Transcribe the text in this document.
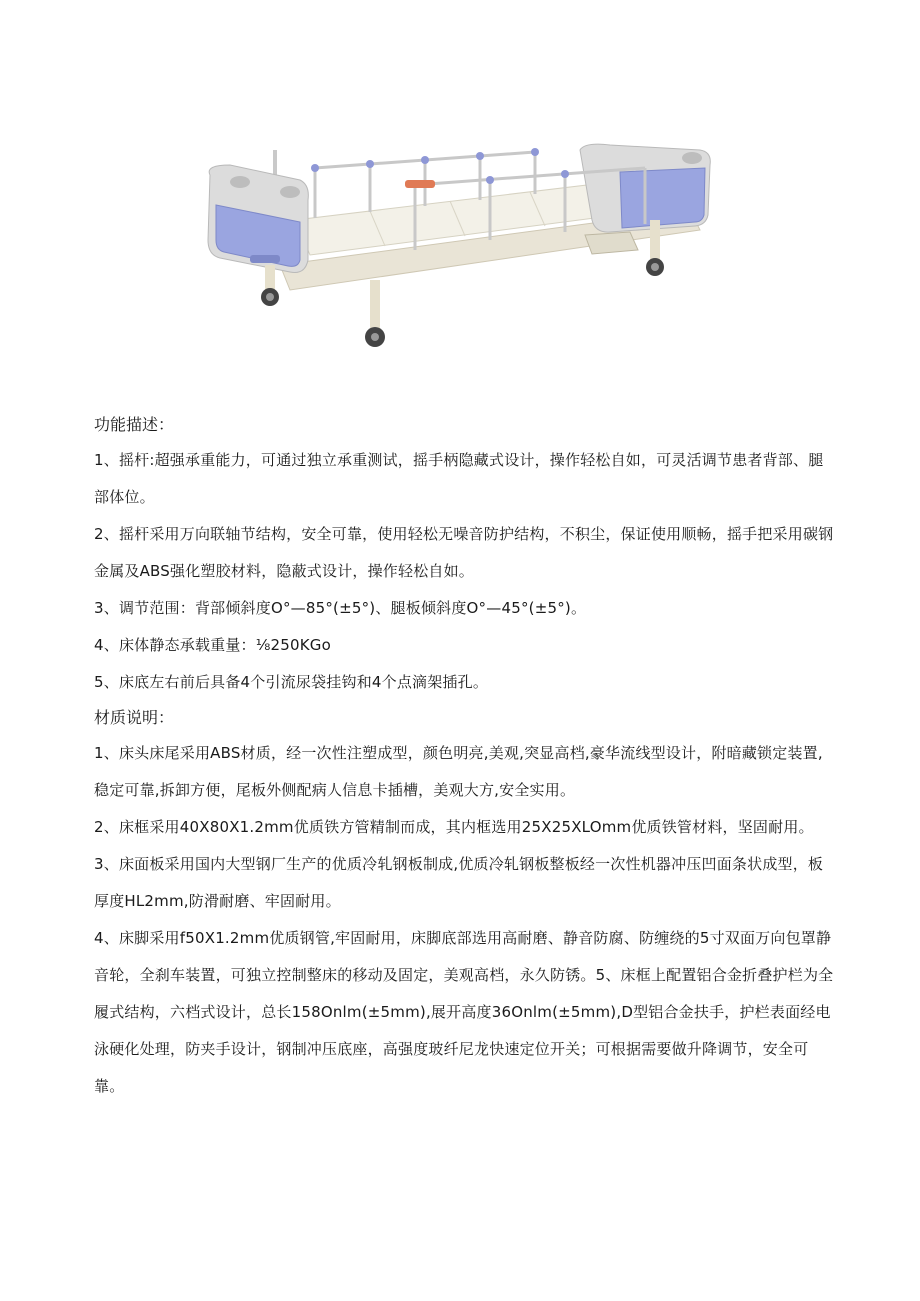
功能描述：

1、摇杆:超强承重能力，可通过独立承重测试，摇手柄隐藏式设计，操作轻松自如，可灵活调节患者背部、腿部体位。

2、摇杆采用万向联轴节结构，安全可靠，使用轻松无噪音防护结构，不积尘，保证使用顺畅，摇手把采用碳钢金属及ABS强化塑胶材料，隐蔽式设计，操作轻松自如。

3、调节范围：背部倾斜度O°—85°(±5°)、腿板倾斜度O°—45°(±5°)。

4、床体静态承载重量：⅛250KGo

5、床底左右前后具备4个引流尿袋挂钩和4个点滴架插孔。

材质说明：

1、床头床尾采用ABS材质，经一次性注塑成型，颜色明亮,美观,突显高档,豪华流线型设计，附暗藏锁定装置,稳定可靠,拆卸方便，尾板外侧配病人信息卡插槽，美观大方,安全实用。

2、床框采用40X80X1.2mm优质铁方管精制而成，其内框选用25X25XLOmm优质铁管材料，坚固耐用。

3、床面板采用国内大型钢厂生产的优质冷轧钢板制成,优质冷轧钢板整板经一次性机器冲压凹面条状成型，板厚度HL2mm,防滑耐磨、牢固耐用。

4、床脚采用f50X1.2mm优质钢管,牢固耐用，床脚底部选用高耐磨、静音防腐、防缠绕的5寸双面万向包罩静音轮，全刹车装置，可独立控制整床的移动及固定，美观高档，永久防锈。5、床框上配置铝合金折叠护栏为全履式结构，六档式设计，总长158Onlm(±5mm),展开高度36Onlm(±5mm),D型铝合金扶手，护栏表面经电泳硬化处理，防夹手设计，钢制冲压底座，高强度玻纤尼龙快速定位开关；可根据需要做升降调节，安全可靠。
